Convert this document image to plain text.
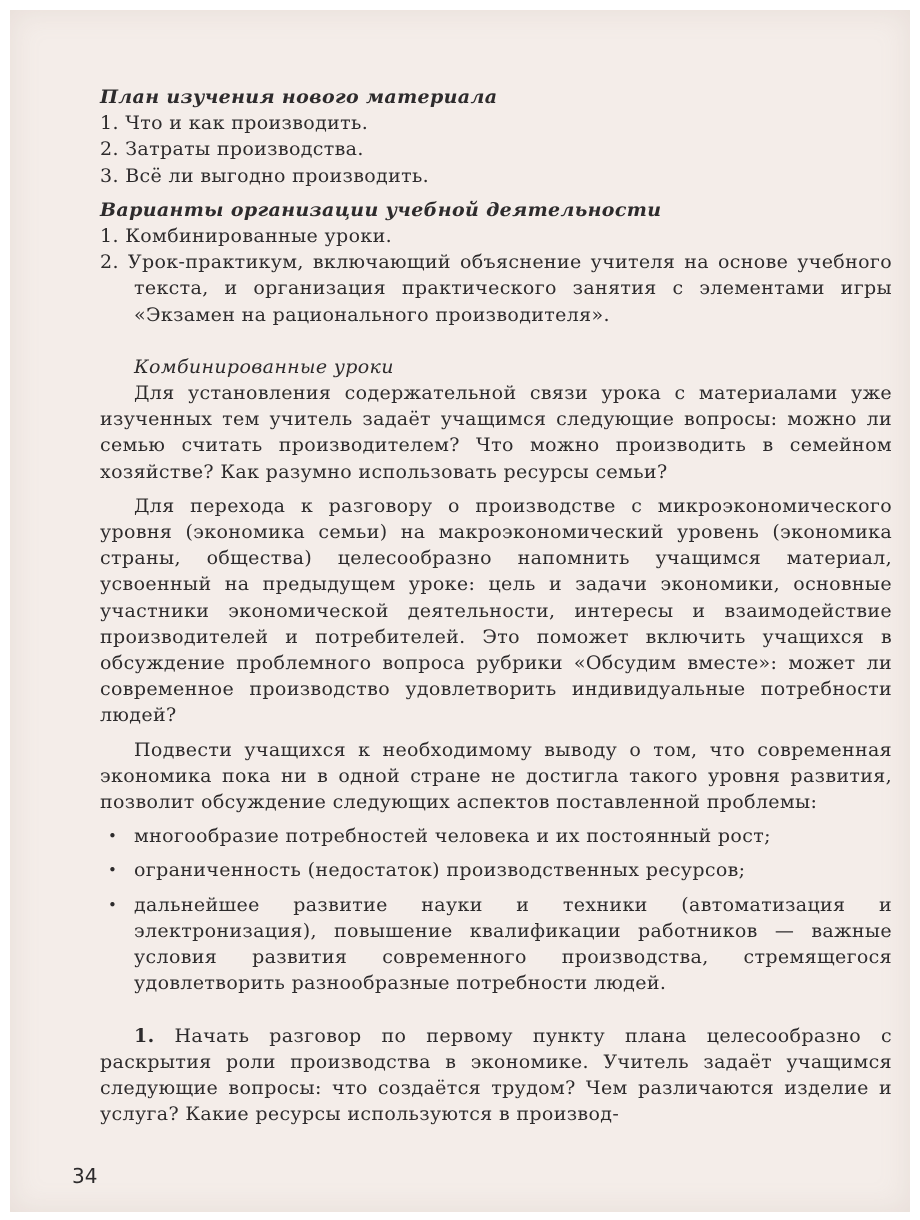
План изучения нового материала

1. Что и как производить.

2. Затраты производства.

3. Всё ли выгодно производить.

Варианты организации учебной деятельности

1. Комбинированные уроки.

2. Урок-практикум, включающий объяснение учителя на основе учебного текста, и организация практического занятия с элементами игры «Экзамен на рационального производителя».

Комбинированные уроки

Для установления содержательной связи урока с материалами уже изученных тем учитель задаёт учащимся следующие вопросы: можно ли семью считать производителем? Что можно производить в семейном хозяйстве? Как разумно использовать ресурсы семьи?

Для перехода к разговору о производстве с микроэкономического уровня (экономика семьи) на макроэкономический уровень (экономика страны, общества) целесообразно напомнить учащимся материал, усвоенный на предыдущем уроке: цель и задачи экономики, основные участники экономической деятельности, интересы и взаимодействие производителей и потребителей. Это поможет включить учащихся в обсуждение проблемного вопроса рубрики «Обсудим вместе»: может ли современное производство удовлетворить индивидуальные потребности людей?

Подвести учащихся к необходимому выводу о том, что современная экономика пока ни в одной стране не достигла такого уровня развития, позволит обсуждение следующих аспектов поставленной проблемы:

• многообразие потребностей человека и их постоянный рост;

• ограниченность (недостаток) производственных ресурсов;

• дальнейшее развитие науки и техники (автоматизация и электронизация), повышение квалификации работников — важные условия развития современного производства, стремящегося удовлетворить разнообразные потребности людей.

1. Начать разговор по первому пункту плана целесообразно с раскрытия роли производства в экономике. Учитель задаёт учащимся следующие вопросы: что создаётся трудом? Чем различаются изделие и услуга? Какие ресурсы используются в производ-

34
